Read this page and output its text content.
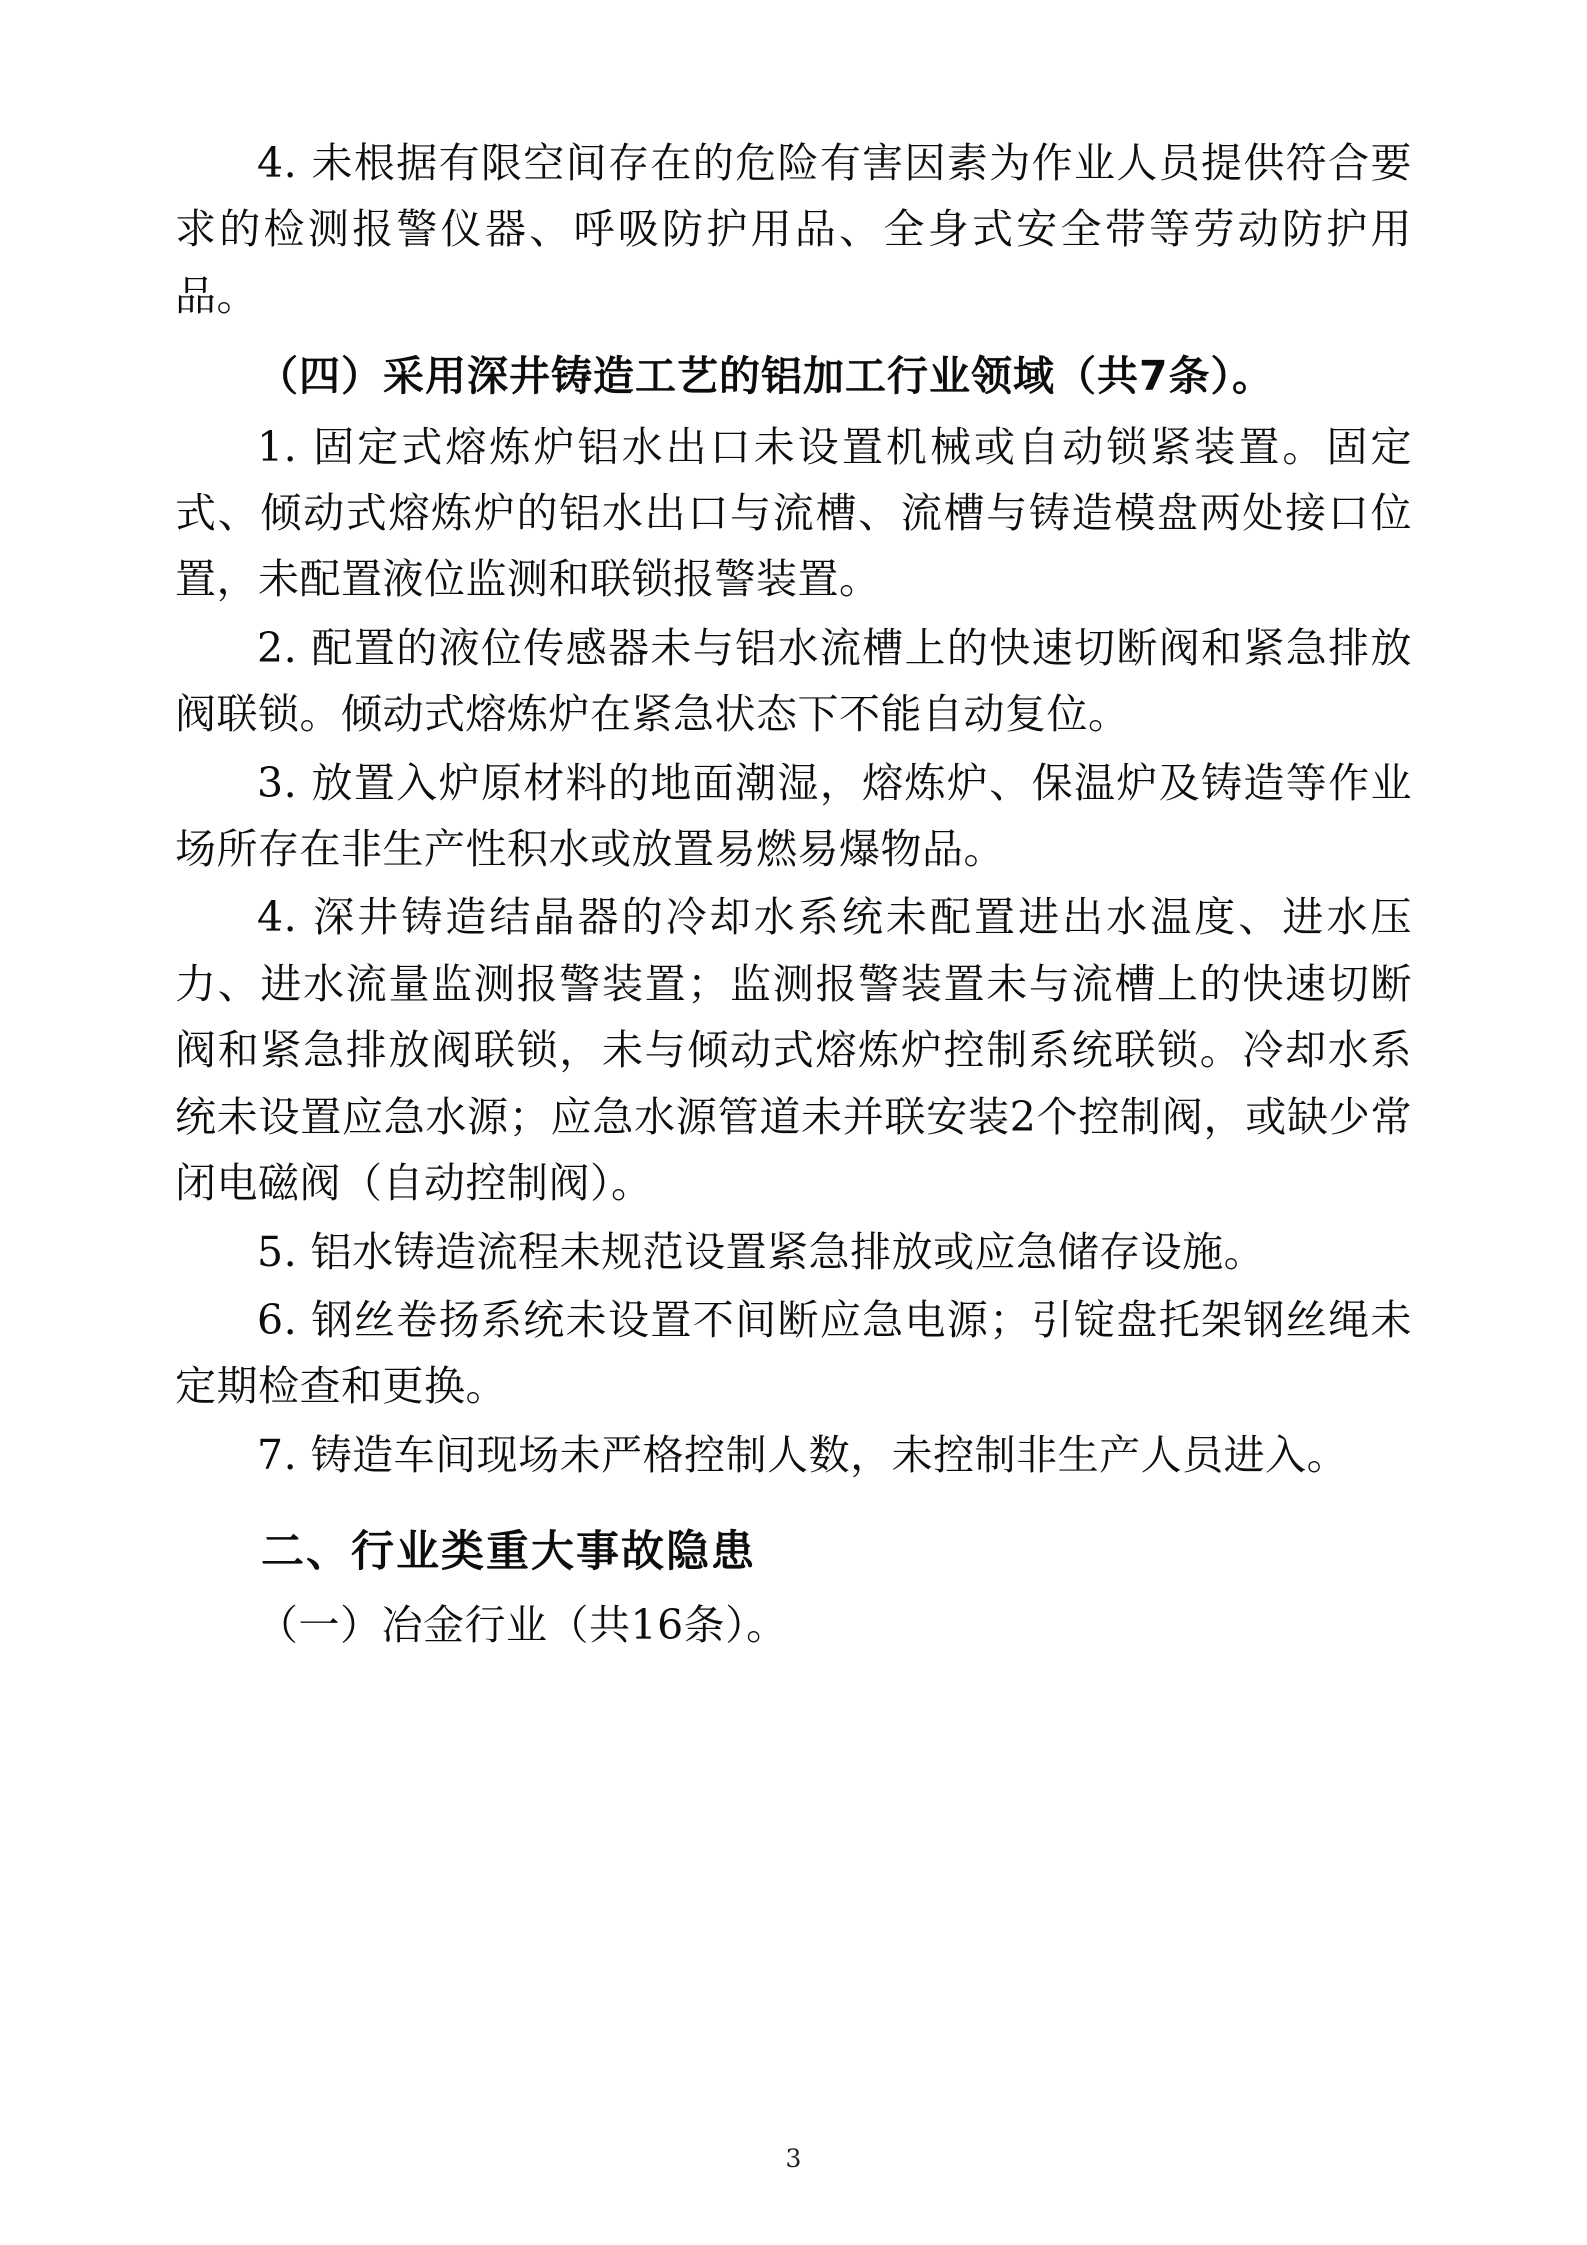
4. 未根据有限空间存在的危险有害因素为作业人员提供符合要求的检测报警仪器、呼吸防护用品、全身式安全带等劳动防护用品。

（四）采用深井铸造工艺的铝加工行业领域（共7条）。

1. 固定式熔炼炉铝水出口未设置机械或自动锁紧装置。固定式、倾动式熔炼炉的铝水出口与流槽、流槽与铸造模盘两处接口位置，未配置液位监测和联锁报警装置。

2. 配置的液位传感器未与铝水流槽上的快速切断阀和紧急排放阀联锁。倾动式熔炼炉在紧急状态下不能自动复位。

3. 放置入炉原材料的地面潮湿，熔炼炉、保温炉及铸造等作业场所存在非生产性积水或放置易燃易爆物品。

4. 深井铸造结晶器的冷却水系统未配置进出水温度、进水压力、进水流量监测报警装置；监测报警装置未与流槽上的快速切断阀和紧急排放阀联锁，未与倾动式熔炼炉控制系统联锁。冷却水系统未设置应急水源；应急水源管道未并联安装2个控制阀，或缺少常闭电磁阀（自动控制阀）。

5. 铝水铸造流程未规范设置紧急排放或应急储存设施。

6. 钢丝卷扬系统未设置不间断应急电源；引锭盘托架钢丝绳未定期检查和更换。

7. 铸造车间现场未严格控制人数，未控制非生产人员进入。

二、行业类重大事故隐患

（一）冶金行业（共16条）。

3
